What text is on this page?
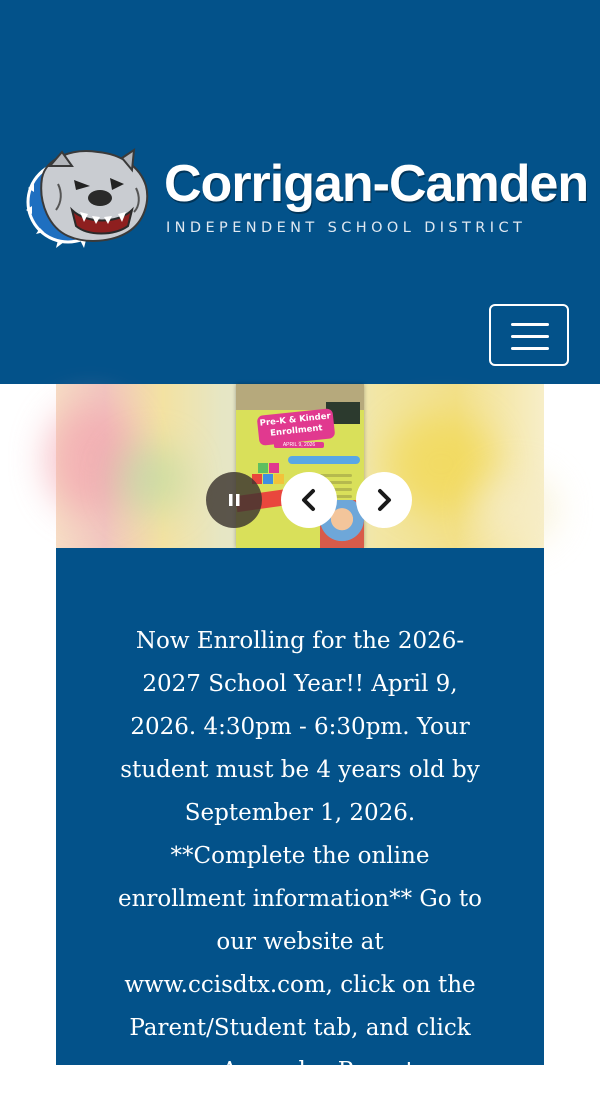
Corrigan-Camden
INDEPENDENT SCHOOL DISTRICT
Pre-K & Kinder Enrollment
APRIL 9, 2026

Now Enrolling for the 2026-2027 School Year!! April 9, 2026. 4:30pm - 6:30pm. Your student must be 4 years old by September 1, 2026. **Complete the online enrollment information** Go to our website at www.ccisdtx.com, click on the Parent/Student tab, and click on Ascender Parent
